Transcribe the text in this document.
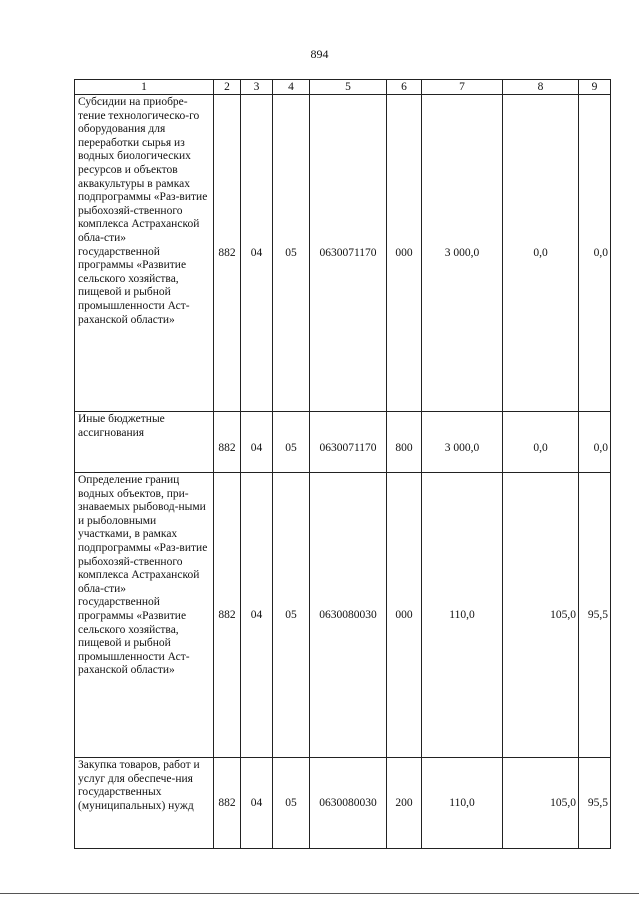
894
1	2	3	4	5	6	7	8	9
Субсидии на приобре-тение технологическо-го оборудования для переработки сырья из водных биологических ресурсов и объектов аквакультуры в рамках подпрограммы «Раз-витие рыбохозяй-ственного комплекса Астраханской обла-сти» государственной программы «Развитие сельского хозяйства, пищевой и рыбной промышленности Аст-раханской области»	882	04	05	0630071170	000	3 000,0	0,0	0,0
Иные бюджетные ассигнования	882	04	05	0630071170	800	3 000,0	0,0	0,0
Определение границ водных объектов, при-знаваемых рыбовод-ными и рыболовными участками, в рамках подпрограммы «Раз-витие рыбохозяй-ственного комплекса Астраханской обла-сти» государственной программы «Развитие сельского хозяйства, пищевой и рыбной промышленности Аст-раханской области»	882	04	05	0630080030	000	110,0	105,0	95,5
Закупка товаров, работ и услуг для обеспече-ния государственных (муниципальных) нужд	882	04	05	0630080030	200	110,0	105,0	95,5
